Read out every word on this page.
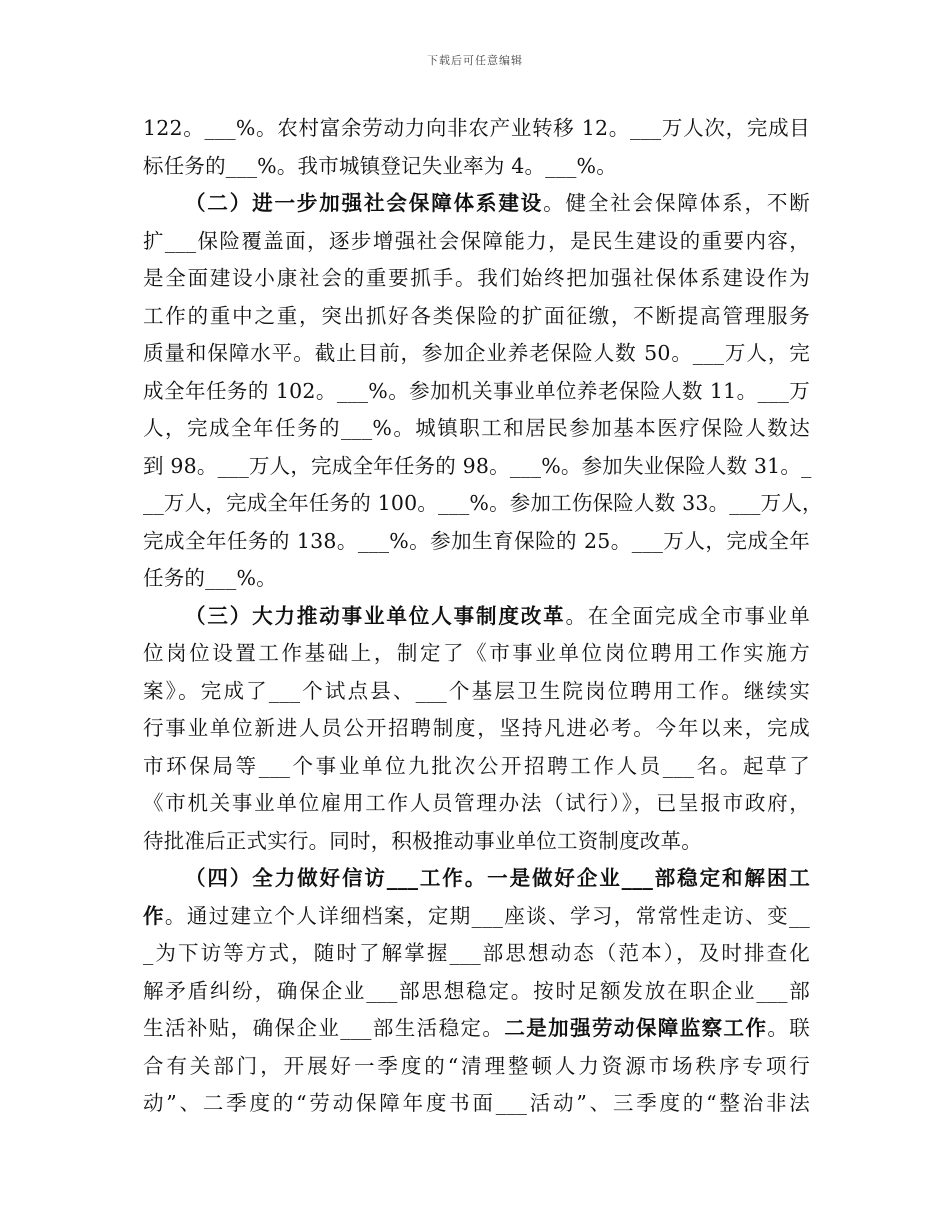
下载后可任意编辑
122。___%。农村富余劳动力向非农产业转移 12。___万人次，完成目
标任务的___%。我市城镇登记失业率为 4。___%。
（二）进一步加强社会保障体系建设。健全社会保障体系，不断
扩___保险覆盖面，逐步增强社会保障能力，是民生建设的重要内容，
是全面建设小康社会的重要抓手。我们始终把加强社保体系建设作为
工作的重中之重，突出抓好各类保险的扩面征缴，不断提高管理服务
质量和保障水平。截止目前，参加企业养老保险人数 50。___万人，完
成全年任务的 102。___%。参加机关事业单位养老保险人数 11。___万
人，完成全年任务的___%。城镇职工和居民参加基本医疗保险人数达
到 98。___万人，完成全年任务的 98。___%。参加失业保险人数 31。_
__万人，完成全年任务的 100。___%。参加工伤保险人数 33。___万人，
完成全年任务的 138。___%。参加生育保险的 25。___万人，完成全年
任务的___%。
（三）大力推动事业单位人事制度改革。在全面完成全市事业单
位岗位设置工作基础上，制定了《市事业单位岗位聘用工作实施方
案》。完成了___个试点县、___个基层卫生院岗位聘用工作。继续实
行事业单位新进人员公开招聘制度，坚持凡进必考。今年以来，完成
市环保局等___个事业单位九批次公开招聘工作人员___名。起草了
《市机关事业单位雇用工作人员管理办法（试行）》，已呈报市政府，
待批准后正式实行。同时，积极推动事业单位工资制度改革。
（四）全力做好信访___工作。一是做好企业___部稳定和解困工
作。通过建立个人详细档案，定期___座谈、学习，常常性走访、变__
_为下访等方式，随时了解掌握___部思想动态（范本），及时排查化
解矛盾纠纷，确保企业___部思想稳定。按时足额发放在职企业___部
生活补贴，确保企业___部生活稳定。二是加强劳动保障监察工作。联
合有关部门，开展好一季度的“清理整顿人力资源市场秩序专项行
动”、二季度的“劳动保障年度书面___活动”、三季度的“整治非法
